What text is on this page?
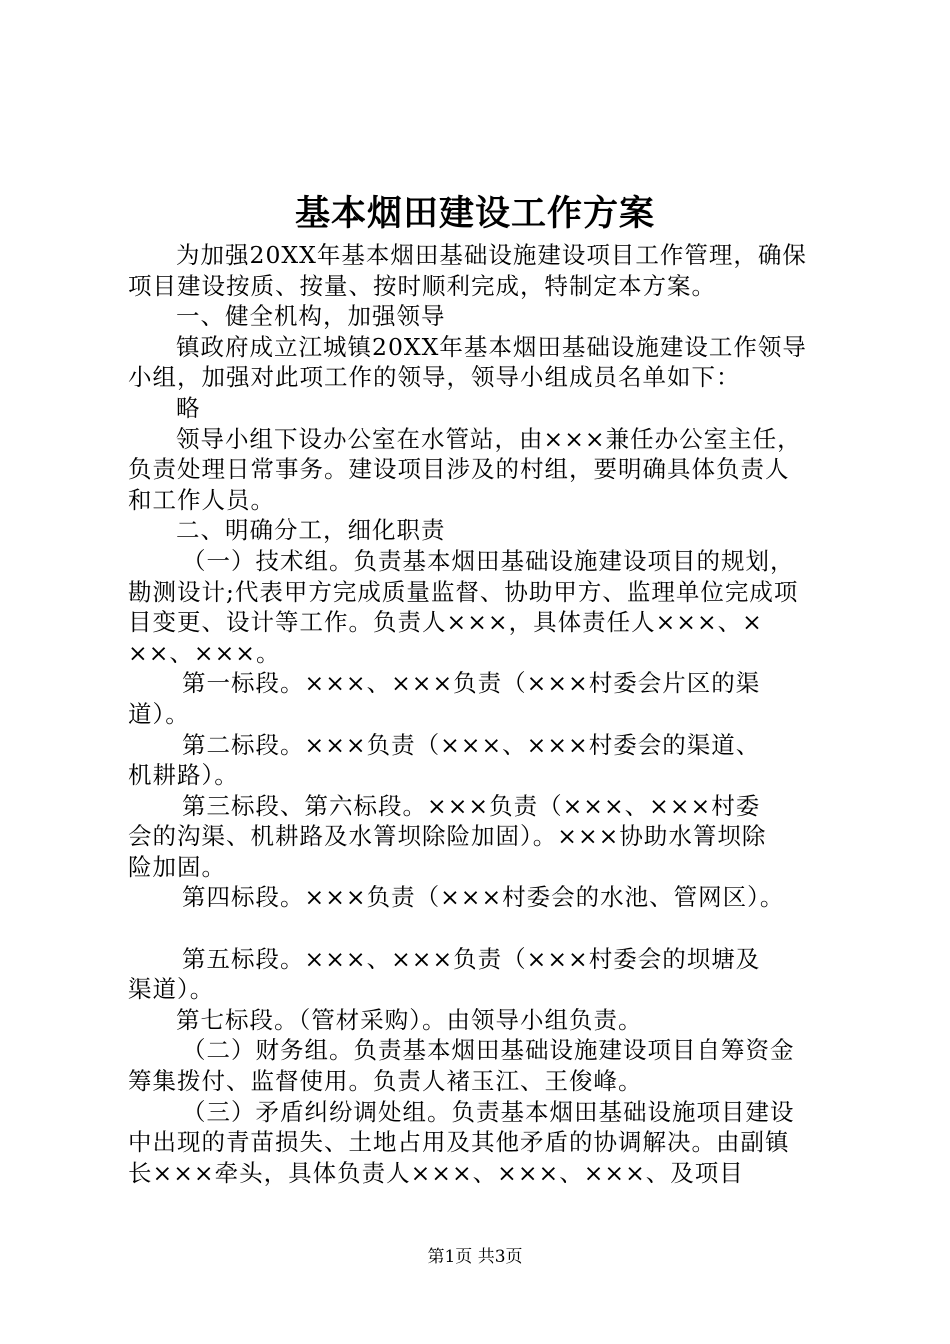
基本烟田建设工作方案
为加强20XX年基本烟田基础设施建设项目工作管理，确保
项目建设按质、按量、按时顺利完成，特制定本方案。
一、健全机构，加强领导
镇政府成立江城镇20XX年基本烟田基础设施建设工作领导
小组，加强对此项工作的领导，领导小组成员名单如下：
略
领导小组下设办公室在水管站，由×××兼任办公室主任，
负责处理日常事务。建设项目涉及的村组，要明确具体负责人
和工作人员。
二、明确分工，细化职责
（一）技术组。负责基本烟田基础设施建设项目的规划，
勘测设计;代表甲方完成质量监督、协助甲方、监理单位完成项
目变更、设计等工作。负责人×××，具体责任人×××、×
××、×××。
第一标段。×××、×××负责（×××村委会片区的渠
道）。
第二标段。×××负责（×××、×××村委会的渠道、
机耕路）。
第三标段、第六标段。×××负责（×××、×××村委
会的沟渠、机耕路及水箐坝除险加固）。×××协助水箐坝除
险加固。
第四标段。×××负责（×××村委会的水池、管网区）。
第五标段。×××、×××负责（×××村委会的坝塘及
渠道）。
第七标段。（管材采购）。由领导小组负责。
（二）财务组。负责基本烟田基础设施建设项目自筹资金
筹集拨付、监督使用。负责人褚玉江、王俊峰。
（三）矛盾纠纷调处组。负责基本烟田基础设施项目建设
中出现的青苗损失、土地占用及其他矛盾的协调解决。由副镇
长×××牵头，具体负责人×××、×××、×××、及项目
第1页 共3页
